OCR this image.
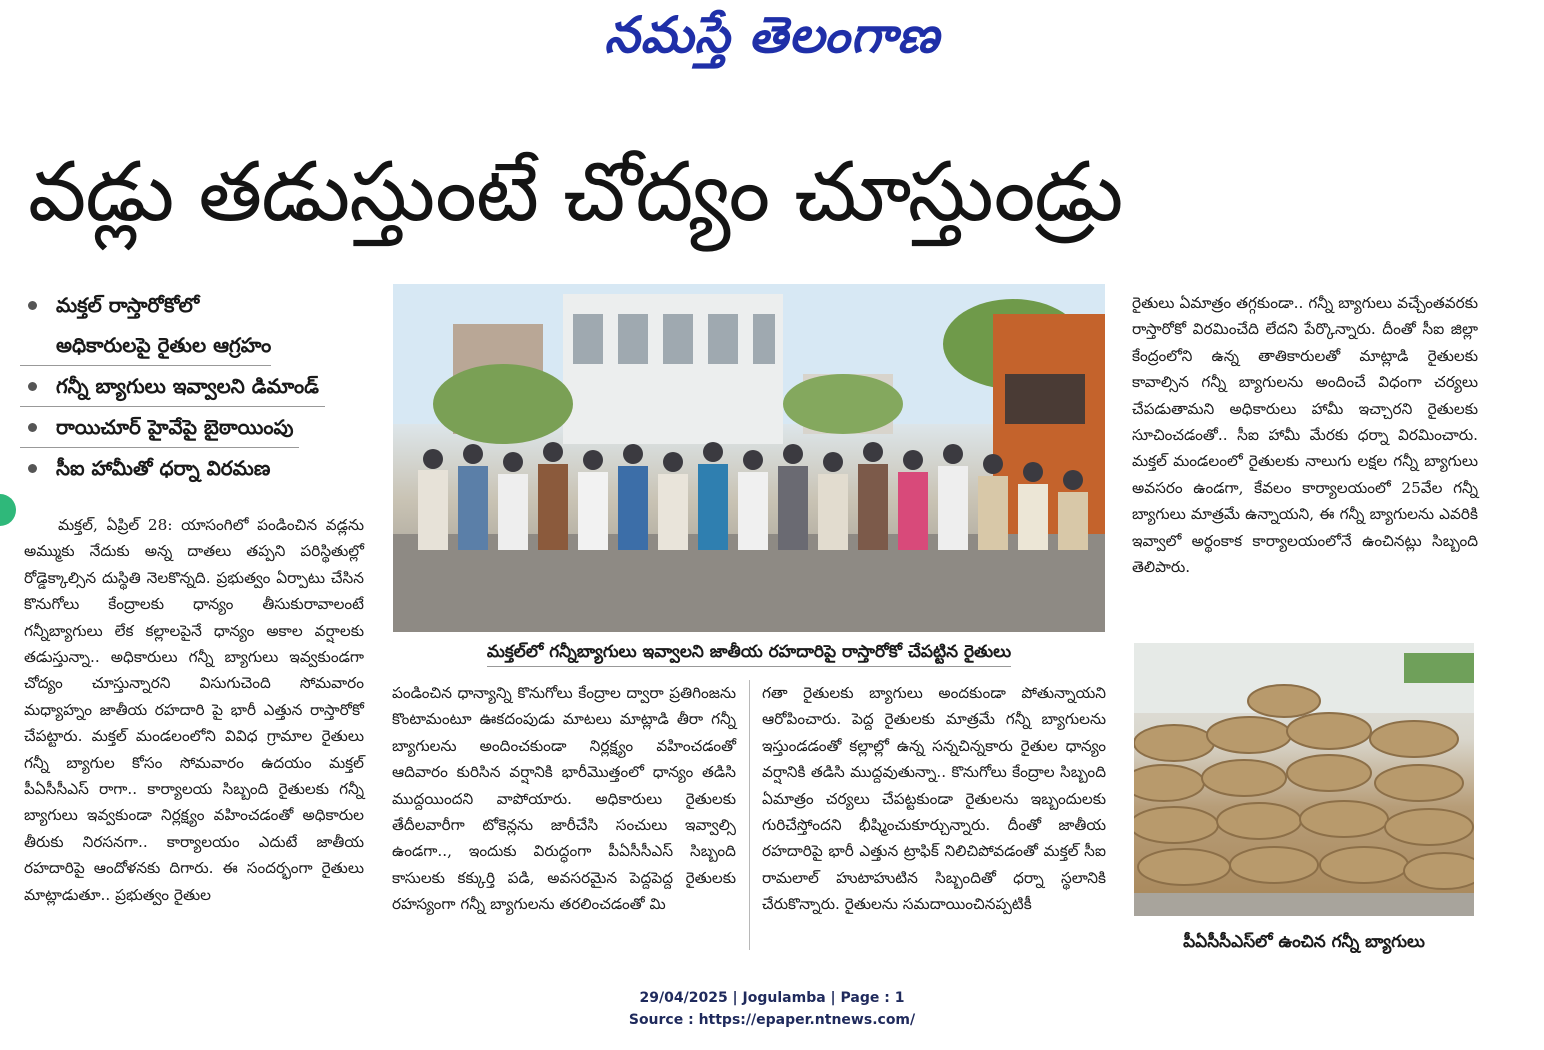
నమస్తే తెలంగాణ
వడ్లు తడుస్తుంటే చోద్యం చూస్తుండ్రు
మక్తల్ రాస్తారోకోలో
అధికారులపై రైతుల ఆగ్రహం
గన్నీ బ్యాగులు ఇవ్వాలని డిమాండ్
రాయిచూర్ హైవేపై బైఠాయింపు
సీఐ హామీతో ధర్నా విరమణ

మక్తల్, ఏప్రిల్ 28: యాసంగిలో పండించిన వడ్లను అమ్ముకు నేదుకు అన్న దాతలు తప్పని పరిస్థితుల్లో రోడ్డెక్కాల్సిన దుస్థితి నెలకొన్నది. ప్రభుత్వం ఏర్పాటు చేసిన కొనుగోలు కేంద్రాలకు ధాన్యం తీసుకురావాలంటే గన్నీబ్యాగులు లేక కల్లాలపైనే ధాన్యం అకాల వర్షాలకు తడుస్తున్నా.. అధికారులు గన్నీ బ్యాగులు ఇవ్వకుండగా చోద్యం చూస్తున్నారని విసుగుచెంది సోమవారం మధ్యాహ్నం జాతీయ రహదారి పై భారీ ఎత్తున రాస్తారోకో చేపట్టారు. మక్తల్ మండలంలోని వివిధ గ్రామాల రైతులు గన్నీ బ్యాగుల కోసం సోమవారం ఉదయం మక్తల్ పీఏసీసీఎస్ రాగా.. కార్యాలయ సిబ్బంది రైతులకు గన్నీ బ్యాగులు ఇవ్వకుండా నిర్లక్ష్యం వహించడంతో అధికారుల తీరుకు నిరసనగా.. కార్యాలయం ఎదుటే జాతీయ రహదారిపై ఆందోళనకు దిగారు. ఈ సందర్భంగా రైతులు మాట్లాడుతూ.. ప్రభుత్వం రైతుల

మక్తల్‌లో గన్నీబ్యాగులు ఇవ్వాలని జాతీయ రహదారిపై రాస్తారోకో చేపట్టిన రైతులు

పండించిన ధాన్యాన్ని కొనుగోలు కేంద్రాల ద్వారా ప్రతిగింజను కొంటామంటూ ఊకదంపుడు మాటలు మాట్లాడి తీరా గన్నీ బ్యాగులను అందించకుండా నిర్లక్ష్యం వహించడంతో ఆదివారం కురిసిన వర్షానికి భారీమొత్తంలో ధాన్యం తడిసి ముద్దయిందని వాపోయారు. అధికారులు రైతులకు తేదీలవారీగా టోకెన్లను జారీచేసి సంచులు ఇవ్వాల్సి ఉండగా.., ఇందుకు విరుద్ధంగా పీఏసీసీఎస్ సిబ్బంది కాసులకు కక్కుర్తి పడి, అవసరమైన పెద్దపెద్ద రైతులకు రహస్యంగా గన్నీ బ్యాగులను తరలించడంతో మి

గతా రైతులకు బ్యాగులు అందకుండా పోతున్నాయని ఆరోపించారు. పెద్ద రైతులకు మాత్రమే గన్నీ బ్యాగులను ఇస్తుండడంతో కల్లాల్లో ఉన్న సన్నచిన్నకారు రైతుల ధాన్యం వర్షానికి తడిసి ముద్దవుతున్నా.. కొనుగోలు కేంద్రాల సిబ్బంది ఏమాత్రం చర్యలు చేపట్టకుండా రైతులను ఇబ్బందులకు గురిచేస్తోందని భీష్మించుకూర్చున్నారు. దీంతో జాతీయ రహదారిపై భారీ ఎత్తున ట్రాఫిక్ నిలిచిపోవడంతో మక్తల్ సీఐ రామలాల్ హుటాహుటిన సిబ్బందితో ధర్నా స్థలానికి చేరుకొన్నారు. రైతులను సమదాయించినప్పటికీ

రైతులు ఏమాత్రం తగ్గకుండా.. గన్నీ బ్యాగులు వచ్చేంతవరకు రాస్తారోకో విరమించేది లేదని పేర్కొన్నారు. దీంతో సీఐ జిల్లా కేంద్రంలోని ఉన్న తాతికారులతో మాట్లాడి రైతులకు కావాల్సిన గన్నీ బ్యాగులను అందించే విధంగా చర్యలు చేపడుతామని అధికారులు హామీ ఇచ్చారని రైతులకు సూచించడంతో.. సీఐ హామీ మేరకు ధర్నా విరమించారు. మక్తల్ మండలంలో రైతులకు నాలుగు లక్షల గన్నీ బ్యాగులు అవసరం ఉండగా, కేవలం కార్యాలయంలో 25వేల గన్నీ బ్యాగులు మాత్రమే ఉన్నాయని, ఈ గన్నీ బ్యాగులను ఎవరికి ఇవ్వాలో అర్థంకాక కార్యాలయంలోనే ఉంచినట్లు సిబ్బంది తెలిపారు.

పీఏసీసీఎస్‌లో ఉంచిన గన్నీ బ్యాగులు
29/04/2025 | Jogulamba | Page : 1
Source : https://epaper.ntnews.com/
